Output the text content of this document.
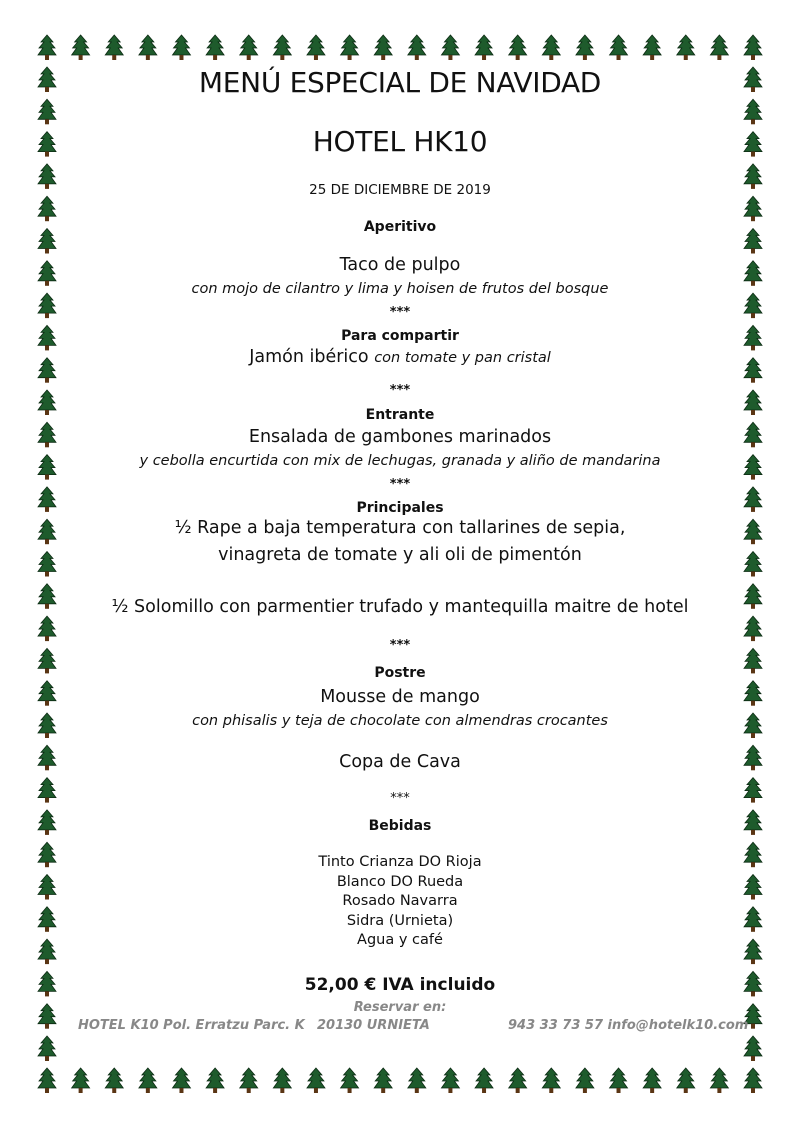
MENÚ ESPECIAL DE NAVIDAD
HOTEL HK10
25 DE DICIEMBRE DE 2019
Aperitivo
Taco de pulpo
con mojo de cilantro y lima y hoisen de frutos del bosque
***
Para compartir
Jamón ibérico con tomate y pan cristal
***
Entrante
Ensalada de gambones marinados
y cebolla encurtida con mix de lechugas, granada y aliño de mandarina
***
Principales
½ Rape a baja temperatura con tallarines de sepia,
vinagreta de tomate y ali oli de pimentón
½ Solomillo con parmentier trufado y mantequilla maitre de hotel
***
Postre
Mousse de mango
con phisalis y teja de chocolate con almendras crocantes
Copa de Cava
***
Bebidas
Tinto Crianza DO Rioja
Blanco DO Rueda
Rosado Navarra
Sidra (Urnieta)
Agua y café
52,00 € IVA incluido
Reservar en:
HOTEL K10 Pol. Erratzu Parc. K 20130 URNIETA	943 33 73 57 info@hotelk10.com
